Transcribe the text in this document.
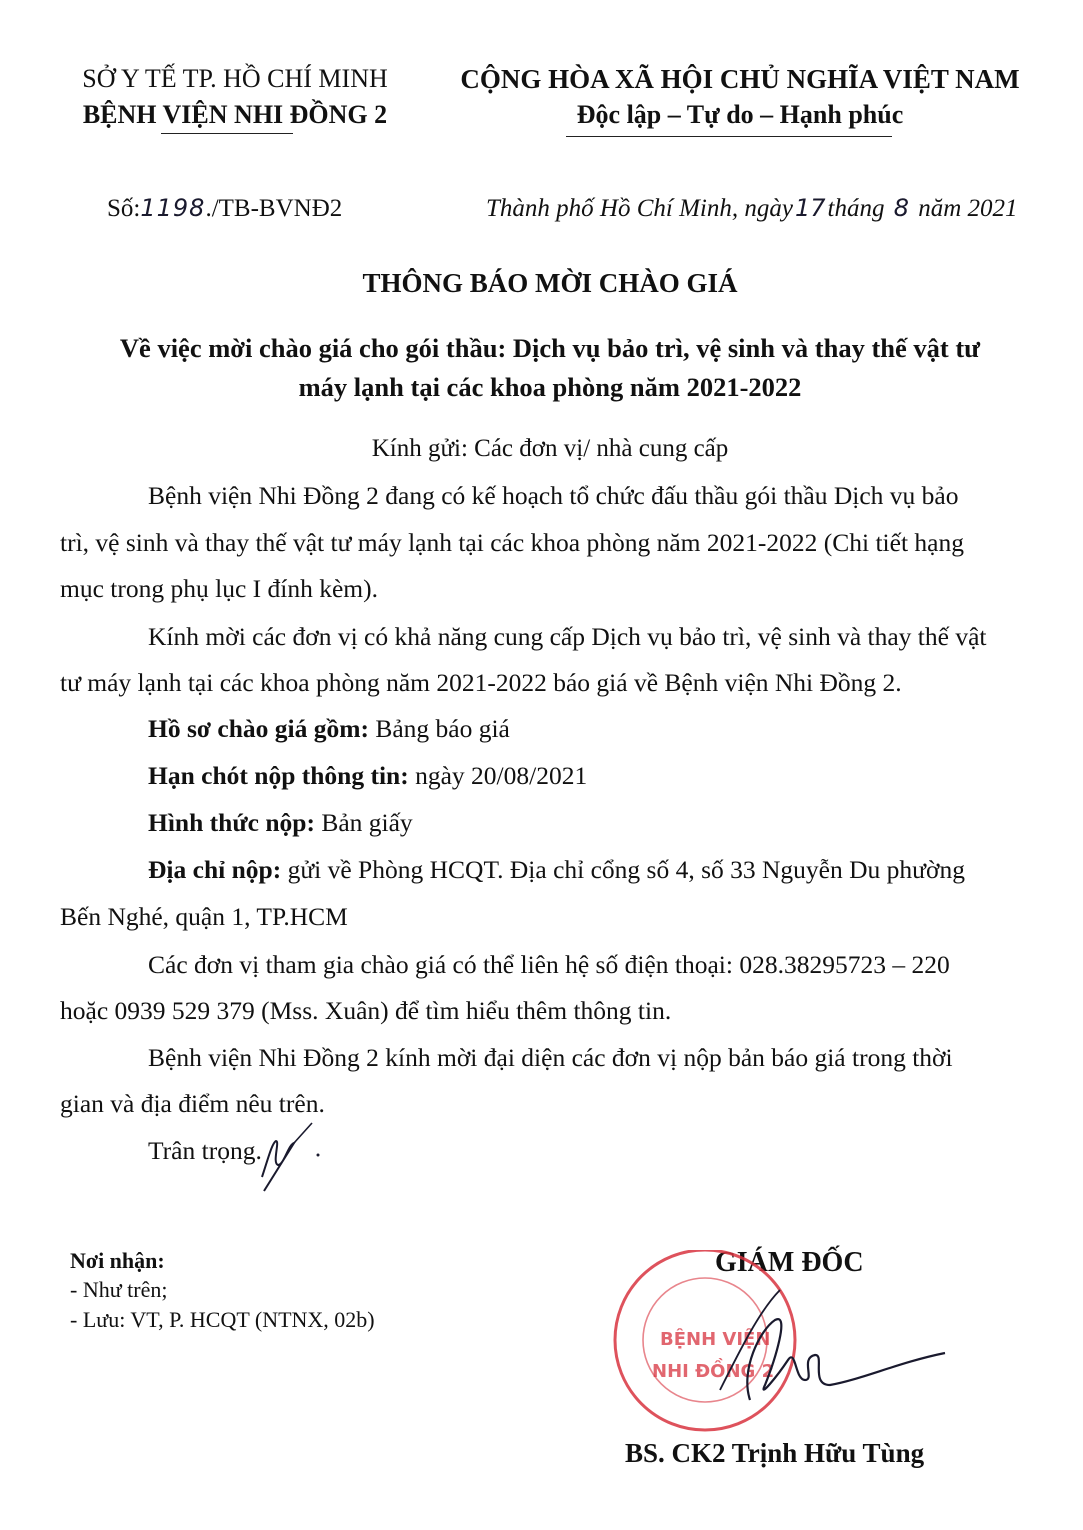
SỞ Y TẾ TP. HỒ CHÍ MINH
BỆNH VIỆN NHI ĐỒNG 2
CỘNG HÒA XÃ HỘI CHỦ NGHĨA VIỆT NAM
Độc lập – Tự do – Hạnh phúc
Số:1198./TB-BVNĐ2	Thành phố Hồ Chí Minh, ngày17tháng 8 năm 2021
THÔNG BÁO MỜI CHÀO GIÁ
Về việc mời chào giá cho gói thầu: Dịch vụ bảo trì, vệ sinh và thay thế vật tư
máy lạnh tại các khoa phòng năm 2021-2022
Kính gửi: Các đơn vị/ nhà cung cấp
Bệnh viện Nhi Đồng 2 đang có kế hoạch tổ chức đấu thầu gói thầu Dịch vụ bảo
trì, vệ sinh và thay thế vật tư máy lạnh tại các khoa phòng năm 2021-2022 (Chi tiết hạng
mục trong phụ lục I đính kèm).
Kính mời các đơn vị có khả năng cung cấp Dịch vụ bảo trì, vệ sinh và thay thế vật
tư máy lạnh tại các khoa phòng năm 2021-2022 báo giá về Bệnh viện Nhi Đồng 2.
Hồ sơ chào giá gồm: Bảng báo giá
Hạn chót nộp thông tin: ngày 20/08/2021
Hình thức nộp: Bản giấy
Địa chỉ nộp: gửi về Phòng HCQT. Địa chỉ cổng số 4, số 33 Nguyễn Du phường
Bến Nghé, quận 1, TP.HCM
Các đơn vị tham gia chào giá có thể liên hệ số điện thoại: 028.38295723 – 220
hoặc 0939 529 379 (Mss. Xuân) để tìm hiểu thêm thông tin.
Bệnh viện Nhi Đồng 2 kính mời đại diện các đơn vị nộp bản báo giá trong thời
gian và địa điểm nêu trên.
Trân trọng.
Nơi nhận:
- Như trên;
- Lưu: VT, P. HCQT (NTNX, 02b)
GIÁM ĐỐC
BỆNH VIỆN
NHI ĐỒNG 2
BS. CK2 Trịnh Hữu Tùng
